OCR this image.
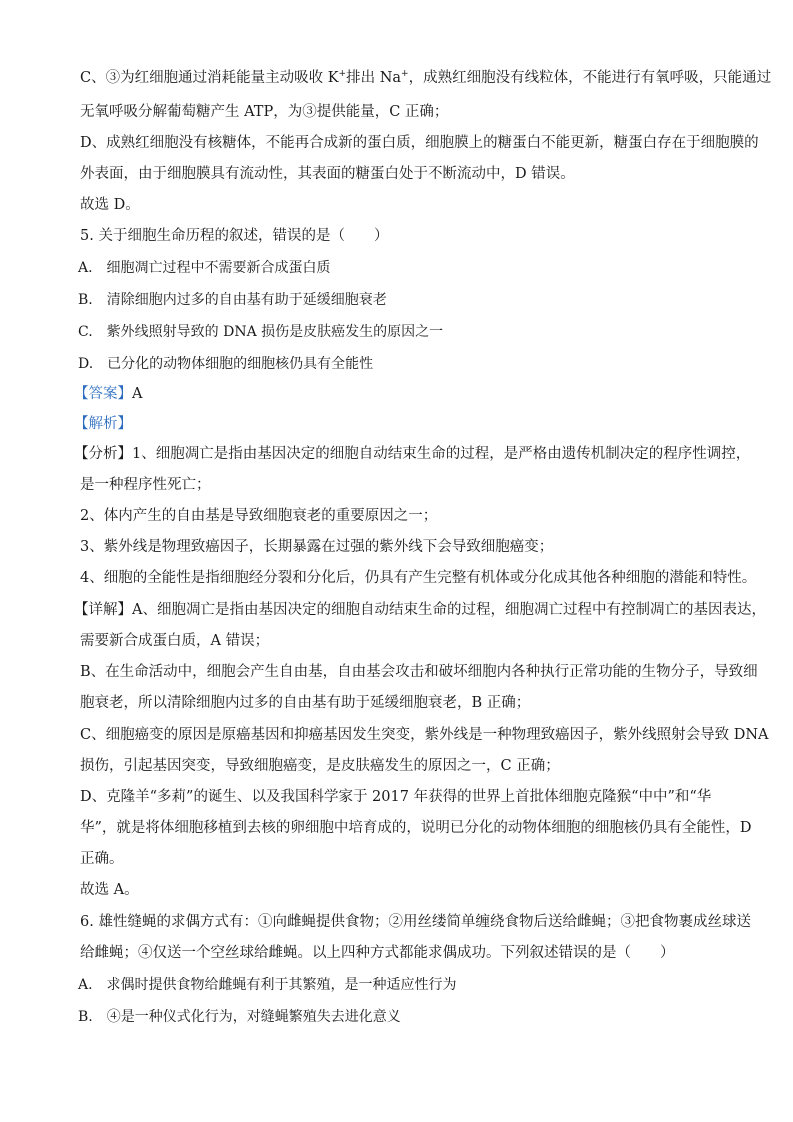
C、③为红细胞通过消耗能量主动吸收 K+排出 Na+，成熟红细胞没有线粒体，不能进行有氧呼吸，只能通过
无氧呼吸分解葡萄糖产生 ATP，为③提供能量，C 正确；
D、成熟红细胞没有核糖体，不能再合成新的蛋白质，细胞膜上的糖蛋白不能更新，糖蛋白存在于细胞膜的
外表面，由于细胞膜具有流动性，其表面的糖蛋白处于不断流动中，D 错误。
故选 D。
5. 关于细胞生命历程的叙述，错误的是（　　）
A.　细胞凋亡过程中不需要新合成蛋白质
B.　清除细胞内过多的自由基有助于延缓细胞衰老
C.　紫外线照射导致的 DNA 损伤是皮肤癌发生的原因之一
D.　已分化的动物体细胞的细胞核仍具有全能性
【答案】A
【解析】
【分析】1、细胞凋亡是指由基因决定的细胞自动结束生命的过程，是严格由遗传机制决定的程序性调控，
是一种程序性死亡；
2、体内产生的自由基是导致细胞衰老的重要原因之一；
3、紫外线是物理致癌因子，长期暴露在过强的紫外线下会导致细胞癌变；
4、细胞的全能性是指细胞经分裂和分化后，仍具有产生完整有机体或分化成其他各种细胞的潜能和特性。
【详解】A、细胞凋亡是指由基因决定的细胞自动结束生命的过程，细胞凋亡过程中有控制凋亡的基因表达，
需要新合成蛋白质，A 错误；
B、在生命活动中，细胞会产生自由基，自由基会攻击和破坏细胞内各种执行正常功能的生物分子，导致细
胞衰老，所以清除细胞内过多的自由基有助于延缓细胞衰老，B 正确；
C、细胞癌变的原因是原癌基因和抑癌基因发生突变，紫外线是一种物理致癌因子，紫外线照射会导致 DNA
损伤，引起基因突变，导致细胞癌变，是皮肤癌发生的原因之一，C 正确；
D、克隆羊“多莉”的诞生、以及我国科学家于 2017 年获得的世界上首批体细胞克隆猴“中中”和“华
华”，就是将体细胞移植到去核的卵细胞中培育成的，说明已分化的动物体细胞的细胞核仍具有全能性，D
正确。
故选 A。
6. 雄性缝蝇的求偶方式有：①向雌蝇提供食物；②用丝缕简单缠绕食物后送给雌蝇；③把食物裹成丝球送
给雌蝇；④仅送一个空丝球给雌蝇。以上四种方式都能求偶成功。下列叙述错误的是（　　）
A.　求偶时提供食物给雌蝇有利于其繁殖，是一种适应性行为
B.　④是一种仪式化行为，对缝蝇繁殖失去进化意义
